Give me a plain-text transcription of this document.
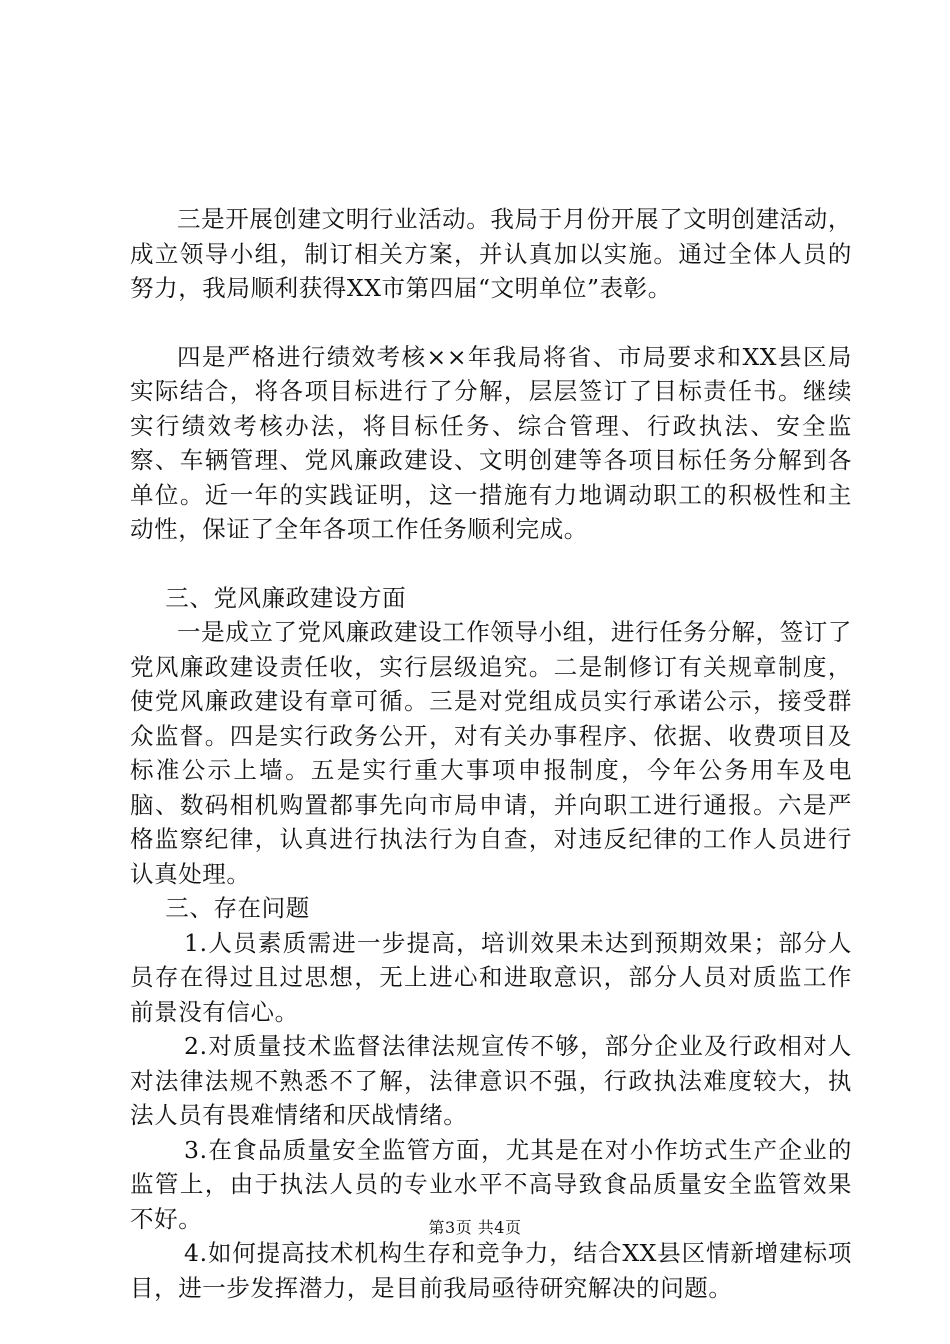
三是开展创建文明行业活动。我局于月份开展了文明创建活动，成立领导小组，制订相关方案，并认真加以实施。通过全体人员的努力，我局顺利获得XX市第四届“文明单位”表彰。

四是严格进行绩效考核××年我局将省、市局要求和XX县区局实际结合，将各项目标进行了分解，层层签订了目标责任书。继续实行绩效考核办法，将目标任务、综合管理、行政执法、安全监察、车辆管理、党风廉政建设、文明创建等各项目标任务分解到各单位。近一年的实践证明，这一措施有力地调动职工的积极性和主动性，保证了全年各项工作任务顺利完成。

三、党风廉政建设方面

一是成立了党风廉政建设工作领导小组，进行任务分解，签订了党风廉政建设责任收，实行层级追究。二是制修订有关规章制度，使党风廉政建设有章可循。三是对党组成员实行承诺公示，接受群众监督。四是实行政务公开，对有关办事程序、依据、收费项目及标准公示上墙。五是实行重大事项申报制度，今年公务用车及电脑、数码相机购置都事先向市局申请，并向职工进行通报。六是严格监察纪律，认真进行执法行为自查，对违反纪律的工作人员进行认真处理。

三、存在问题

1.人员素质需进一步提高，培训效果未达到预期效果；部分人员存在得过且过思想，无上进心和进取意识，部分人员对质监工作前景没有信心。

2.对质量技术监督法律法规宣传不够，部分企业及行政相对人对法律法规不熟悉不了解，法律意识不强，行政执法难度较大，执法人员有畏难情绪和厌战情绪。

3.在食品质量安全监管方面，尤其是在对小作坊式生产企业的监管上，由于执法人员的专业水平不高导致食品质量安全监管效果不好。

4.如何提高技术机构生存和竞争力，结合XX县区情新增建标项目，进一步发挥潜力，是目前我局亟待研究解决的问题。

第3页 共4页
